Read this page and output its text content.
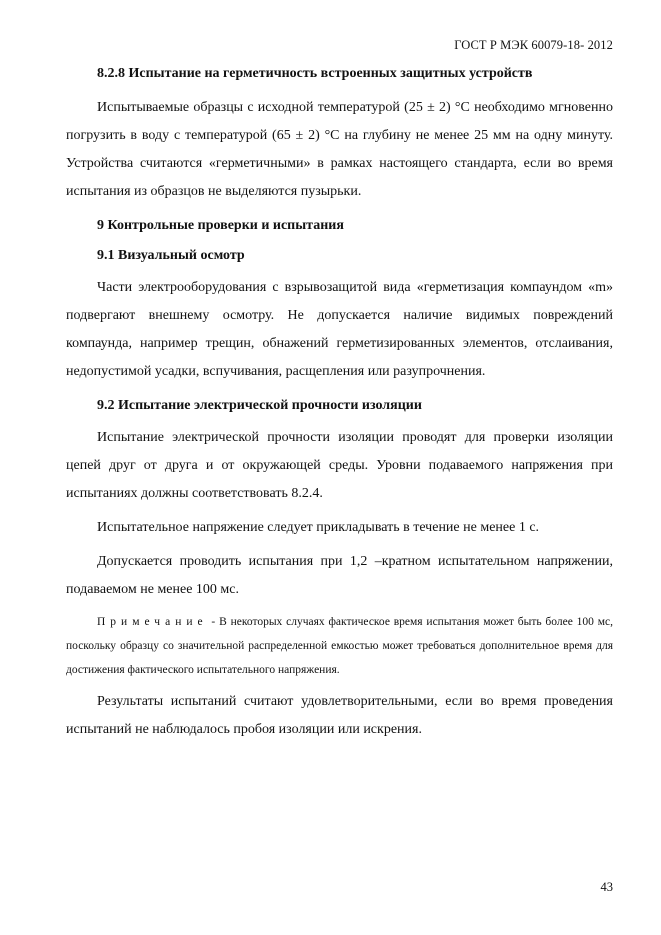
ГОСТ Р МЭК 60079-18- 2012
8.2.8 Испытание на герметичность встроенных защитных устройств

Испытываемые образцы с исходной температурой (25 ± 2) °C необходимо мгновенно погрузить в воду с температурой (65 ± 2) °C на глубину не менее 25 мм на одну минуту. Устройства считаются «герметичными» в рамках настоящего стандарта, если во время испытания из образцов не выделяются пузырьки.

9 Контрольные проверки и испытания
9.1 Визуальный осмотр

Части электрооборудования с взрывозащитой вида «герметизация компаундом «m» подвергают внешнему осмотру. Не допускается наличие видимых повреждений компаунда, например трещин, обнажений герметизированных элементов, отслаивания, недопустимой усадки, вспучивания, расщепления или разупрочнения.

9.2 Испытание электрической прочности изоляции

Испытание электрической прочности изоляции проводят для проверки изоляции цепей друг от друга и от окружающей среды. Уровни подаваемого напряжения при испытаниях должны соответствовать 8.2.4.

Испытательное напряжение следует прикладывать в течение не менее 1 с.

Допускается проводить испытания при 1,2 –кратном испытательном напряжении, подаваемом не менее 100 мс.

Примечание - В некоторых случаях фактическое время испытания может быть более 100 мс, поскольку образцу со значительной распределенной емкостью может требоваться дополнительное время для достижения фактического испытательного напряжения.

Результаты испытаний считают удовлетворительными, если во время проведения испытаний не наблюдалось пробоя изоляции или искрения.

43
